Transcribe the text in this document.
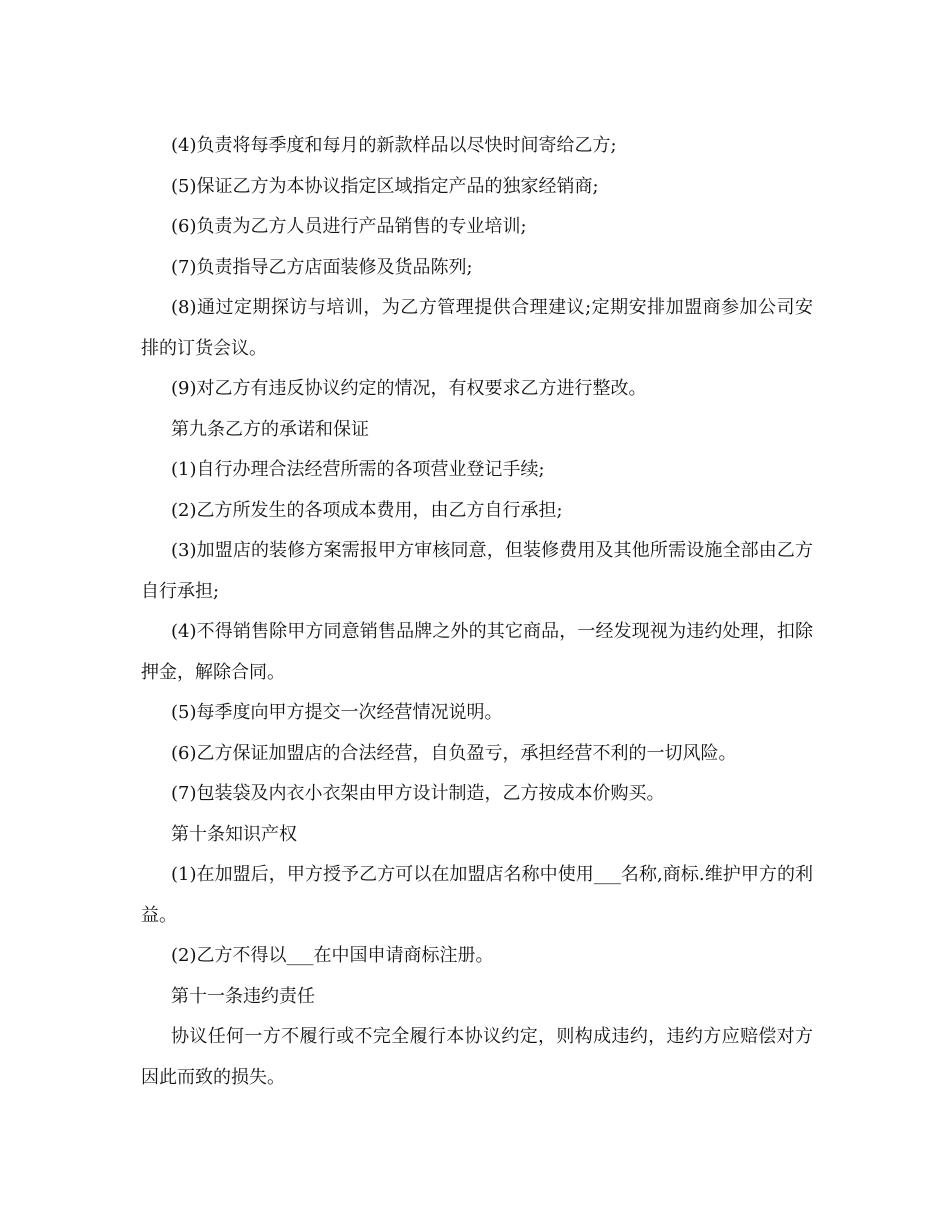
(4)负责将每季度和每月的新款样品以尽快时间寄给乙方;

(5)保证乙方为本协议指定区域指定产品的独家经销商;

(6)负责为乙方人员进行产品销售的专业培训;

(7)负责指导乙方店面装修及货品陈列;

(8)通过定期探访与培训，为乙方管理提供合理建议;定期安排加盟商参加公司安排的订货会议。

(9)对乙方有违反协议约定的情况，有权要求乙方进行整改。

第九条乙方的承诺和保证

(1)自行办理合法经营所需的各项营业登记手续;

(2)乙方所发生的各项成本费用，由乙方自行承担;

(3)加盟店的装修方案需报甲方审核同意，但装修费用及其他所需设施全部由乙方自行承担;

(4)不得销售除甲方同意销售品牌之外的其它商品，一经发现视为违约处理，扣除押金，解除合同。

(5)每季度向甲方提交一次经营情况说明。

(6)乙方保证加盟店的合法经营，自负盈亏，承担经营不利的一切风险。

(7)包装袋及内衣小衣架由甲方设计制造，乙方按成本价购买。

第十条知识产权

(1)在加盟后，甲方授予乙方可以在加盟店名称中使用___名称,商标.维护甲方的利益。

(2)乙方不得以___在中国申请商标注册。

第十一条违约责任

协议任何一方不履行或不完全履行本协议约定，则构成违约，违约方应赔偿对方因此而致的损失。
